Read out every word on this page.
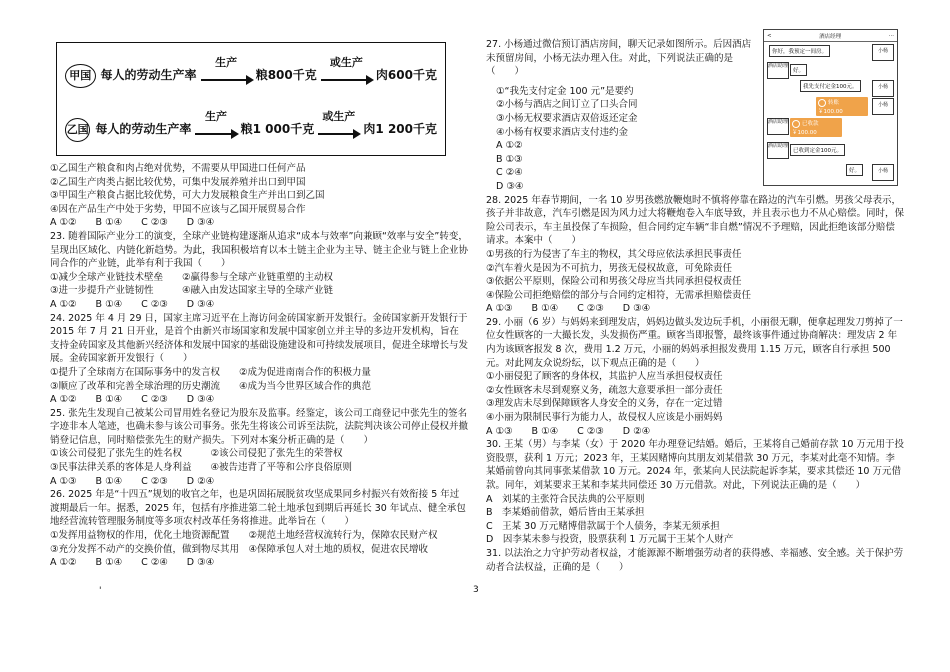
甲国 每人的劳动生产率
生产
粮800千克
或生产
肉600千克
乙国 每人的劳动生产率
生产
粮1 000千克
或生产
肉1 200千克

①乙国生产粮食和肉占绝对优势，不需要从甲国进口任何产品

②乙国生产肉类占据比较优势，可集中发展养殖并出口到甲国

③甲国生产粮食占据比较优势，可大力发展粮食生产并出口到乙国

④因在产品生产中处于劣势，甲国不应该与乙国开展贸易合作

A ①②　　B ①④　　C ②③　　D ③④

23. 随着国际产业分工的演变，全球产业链构建逐渐从追求“成本与效率”向兼顾“效率与安全”转变，呈现出区域化、内链化新趋势。为此，我国积极培育以本土链主企业为主导、链主企业与链上企业协同合作的产业链，此举有利于我国（　　）

①减少全球产业链技术壁垒　　②赢得参与全球产业链重塑的主动权

③进一步提升产业链韧性　　　④融入由发达国家主导的全球产业链

A ①②　　B ①④　　C ②③　　D ③④

24. 2025 年 4 月 29 日，国家主席习近平在上海访问金砖国家新开发银行。金砖国家新开发银行于 2015 年 7 月 21 日开业，是首个由新兴市场国家和发展中国家创立并主导的多边开发机构，旨在支持金砖国家及其他新兴经济体和发展中国家的基础设施建设和可持续发展项目，促进全球增长与发展。金砖国家新开发银行（　　）

①提升了全球南方在国际事务中的发言权　　②成为促进南南合作的积极力量

③顺应了改革和完善全球治理的历史潮流　　④成为当今世界区域合作的典范

A ①②　　B ①④　　C ②③　　D ③④

25. 张先生发现自己被某公司冒用姓名登记为股东及监事。经鉴定，该公司工商登记中张先生的签名字迹非本人笔迹，也确未参与该公司事务。张先生将该公司诉至法院，法院判决该公司停止侵权并撤销登记信息，同时赔偿张先生的财产损失。下列对本案分析正确的是（　　）

①该公司侵犯了张先生的姓名权　　　②该公司侵犯了张先生的荣誉权

③民事法律关系的客体是人身利益　　④被告违背了平等和公序良俗原则

A ①③　　B ①④　　C ②③　　D ②④

26. 2025 年是“十四五”规划的收官之年，也是巩固拓展脱贫攻坚成果同乡村振兴有效衔接 5 年过渡期最后一年。据悉，2025 年，包括有序推进第二轮土地承包到期后再延长 30 年试点、健全承包地经营流转管理服务制度等多项农村改革任务将推进。此举旨在（　　）

①发挥用益物权的作用，优化土地资源配置　　②规范土地经营权流转行为，保障农民财产权

③充分发挥不动产的交换价值，做到物尽其用　④保障承包人对土地的质权，促进农民增收

A ①②　　B ①④　　C ②④　　D ③④

27. 小杨通过微信预订酒店房间，聊天记录如图所示。后因酒店未预留房间，小杨无法办理入住。对此，下列说法正确的是（　　）

①“我先支付定金 100 元”是要约

②小杨与酒店之间订立了口头合同

③小杨无权要求酒店双倍返还定金

④小杨有权要求酒店支付违约金

A ①②

B ①③

C ②④

D ③④

28. 2025 年春节期间，一名 10 岁男孩燃放鞭炮时不慎将停靠在路边的汽车引燃。男孩父母表示，孩子并非故意，汽车引燃是因为风力过大将鞭炮卷入车底导致，并且表示也力不从心赔偿。同时，保险公司表示，车主虽投保了车损险，但合同约定车辆“非自燃”情况不予理赔，因此拒绝该部分赔偿请求。本案中（　　）

①男孩的行为侵害了车主的物权，其父母应依法承担民事责任

②汽车着火是因为不可抗力，男孩无侵权故意，可免除责任

③依据公平原则，保险公司和男孩父母应当共同承担侵权责任

④保险公司拒绝赔偿的部分与合同约定相符，无需承担赔偿责任

A ①③　　B ①④　　C ②③　　D ③④

29. 小丽（6 岁）与妈妈来到理发店，妈妈边做头发边玩手机，小丽很无聊，便拿起理发刀剪掉了一位女性顾客的一大撮长发，头发损伤严重。顾客当即报警，最终该事件通过协商解决：理发店 2 年内为该顾客报发 8 次，费用 1.2 万元，小丽的妈妈承担报发费用 1.15 万元，顾客自行承担 500 元。对此网友众说纷纭，以下观点正确的是（　　）

①小丽侵犯了顾客的身体权，其监护人应当承担侵权责任

②女性顾客未尽到观察义务，疏忽大意要承担一部分责任

③理发店未尽到保障顾客人身安全的义务，存在一定过错

④小丽为限制民事行为能力人，故侵权人应该是小丽妈妈

A ①③　　B ①④　　C ②③　　D ②④

30. 王某（男）与李某（女）于 2020 年办理登记结婚。婚后，王某将自己婚前存款 10 万元用于投资股票，获利 1 万元；2023 年，王某因赌博向其朋友刘某借款 30 万元，李某对此毫不知情。李某婚前曾向其同事张某借款 10 万元。2024 年，张某向人民法院起诉李某，要求其偿还 10 万元借款。同年，刘某要求王某和李某共同偿还 30 万元借款。对此，下列说法正确的是（　　）

A　刘某的主张符合民法典的公平原则

B　李某婚前借款，婚后皆由王某承担

C　王某 30 万元赌博借款属于个人债务，李某无须承担

D　因李某未参与投资，股票获利 1 万元属于王某个人财产

31. 以法治之力守护劳动者权益，才能源源不断增强劳动者的获得感、幸福感、安全感。关于保护劳动者合法权益，正确的是（　　）

<	酒店经理	···
你好，我预定一间房。	小杨
酒店助理
好。
我先支付定金100元。	小杨
转账
￥100.00
小杨
酒店助理	已收款
￥100.00
酒店助理
已收到定金100元。
好。	小杨
'	3
